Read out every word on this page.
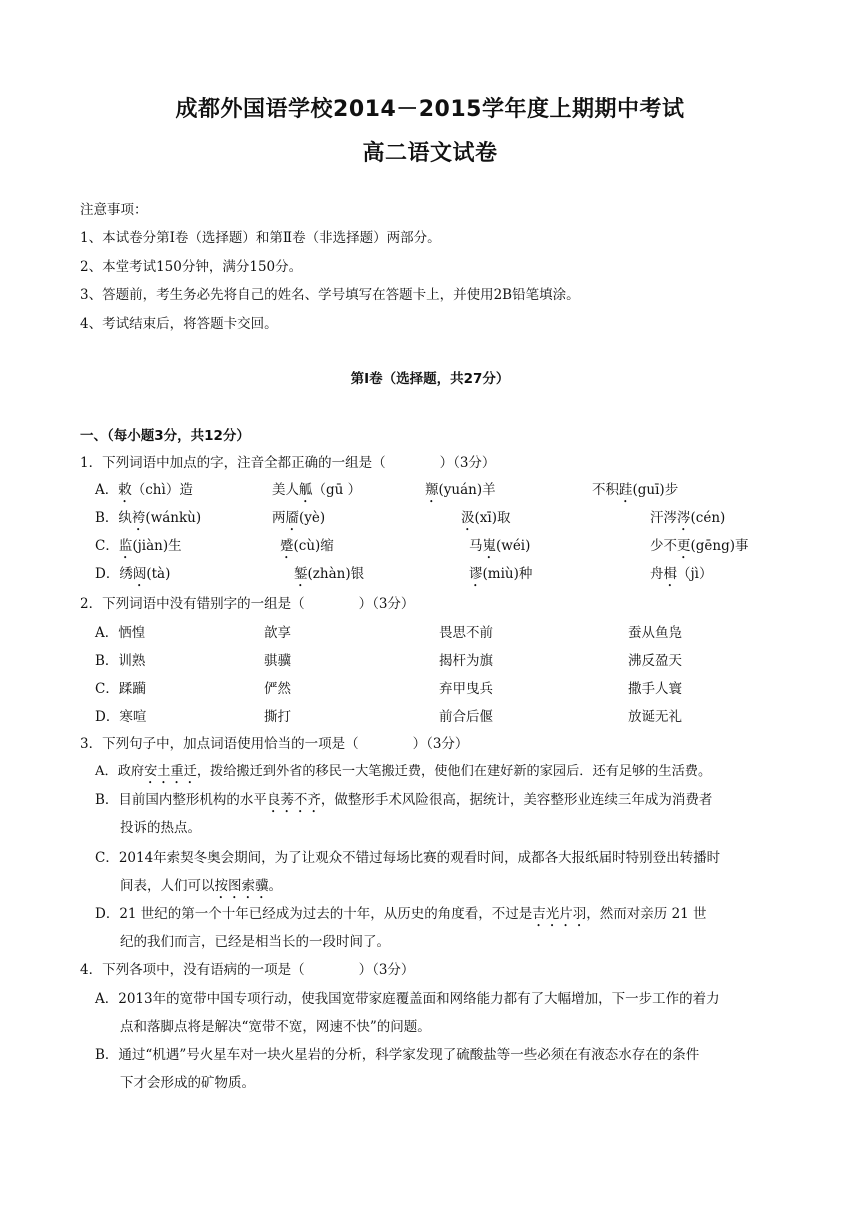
成都外国语学校2014－2015学年度上期期中考试
高二语文试卷
注意事项：
1、本试卷分第Ⅰ卷（选择题）和第Ⅱ卷（非选择题）两部分。
2、本堂考试150分钟，满分150分。
3、答题前，考生务必先将自己的姓名、学号填写在答题卡上，并使用2B铅笔填涂。
4、考试结束后，将答题卡交回。
第Ⅰ卷（选择题，共27分）
一、（每小题3分，共12分）
1．下列词语中加点的字，注音全都正确的一组是（　　　　）（3分）
A．敕（chì）造	美人觚（gū ）	羱(yuán)羊	不积跬(guī)步
B．纨袴(wánkù)	两靥(yè)	汲(xī)取	汗涔涔(cén)
C．监(jiàn)生	蹙(cù)缩	马嵬(wéi)	少不更(gēng)事
D．绣闼(tà)	錾(zhàn)银	谬(miù)种	舟楫（jì）
2．下列词语中没有错别字的一组是（　　　　）（3分）
A．恓惶	歆享	畏思不前	蚕从鱼凫
B．训熟	骐骥	揭杆为旗	沸反盈天
C．蹂躏	俨然	弃甲曳兵	撒手人寰
D．寒喧	撕打	前合后偃	放诞无礼
3．下列句子中，加点词语使用恰当的一项是（　　　　）（3分）
A．政府安土重迁，拨给搬迁到外省的移民一大笔搬迁费，使他们在建好新的家园后．还有足够的生活费。
B．目前国内整形机构的水平良莠不齐，做整形手术风险很高，据统计，美容整形业连续三年成为消费者
投诉的热点。
C．2014年索契冬奥会期间，为了让观众不错过每场比赛的观看时间，成都各大报纸届时特别登出转播时
间表，人们可以按图索骥。
D．21 世纪的第一个十年已经成为过去的十年，从历史的角度看，不过是吉光片羽，然而对亲历 21 世
纪的我们而言，已经是相当长的一段时间了。
4．下列各项中，没有语病的一项是（　　　　）（3分）
A．2013年的宽带中国专项行动，使我国宽带家庭覆盖面和网络能力都有了大幅增加，下一步工作的着力
点和落脚点将是解决“宽带不宽，网速不快”的问题。
B．通过“机遇”号火星车对一块火星岩的分析，科学家发现了硫酸盐等一些必须在有液态水存在的条件
下才会形成的矿物质。
